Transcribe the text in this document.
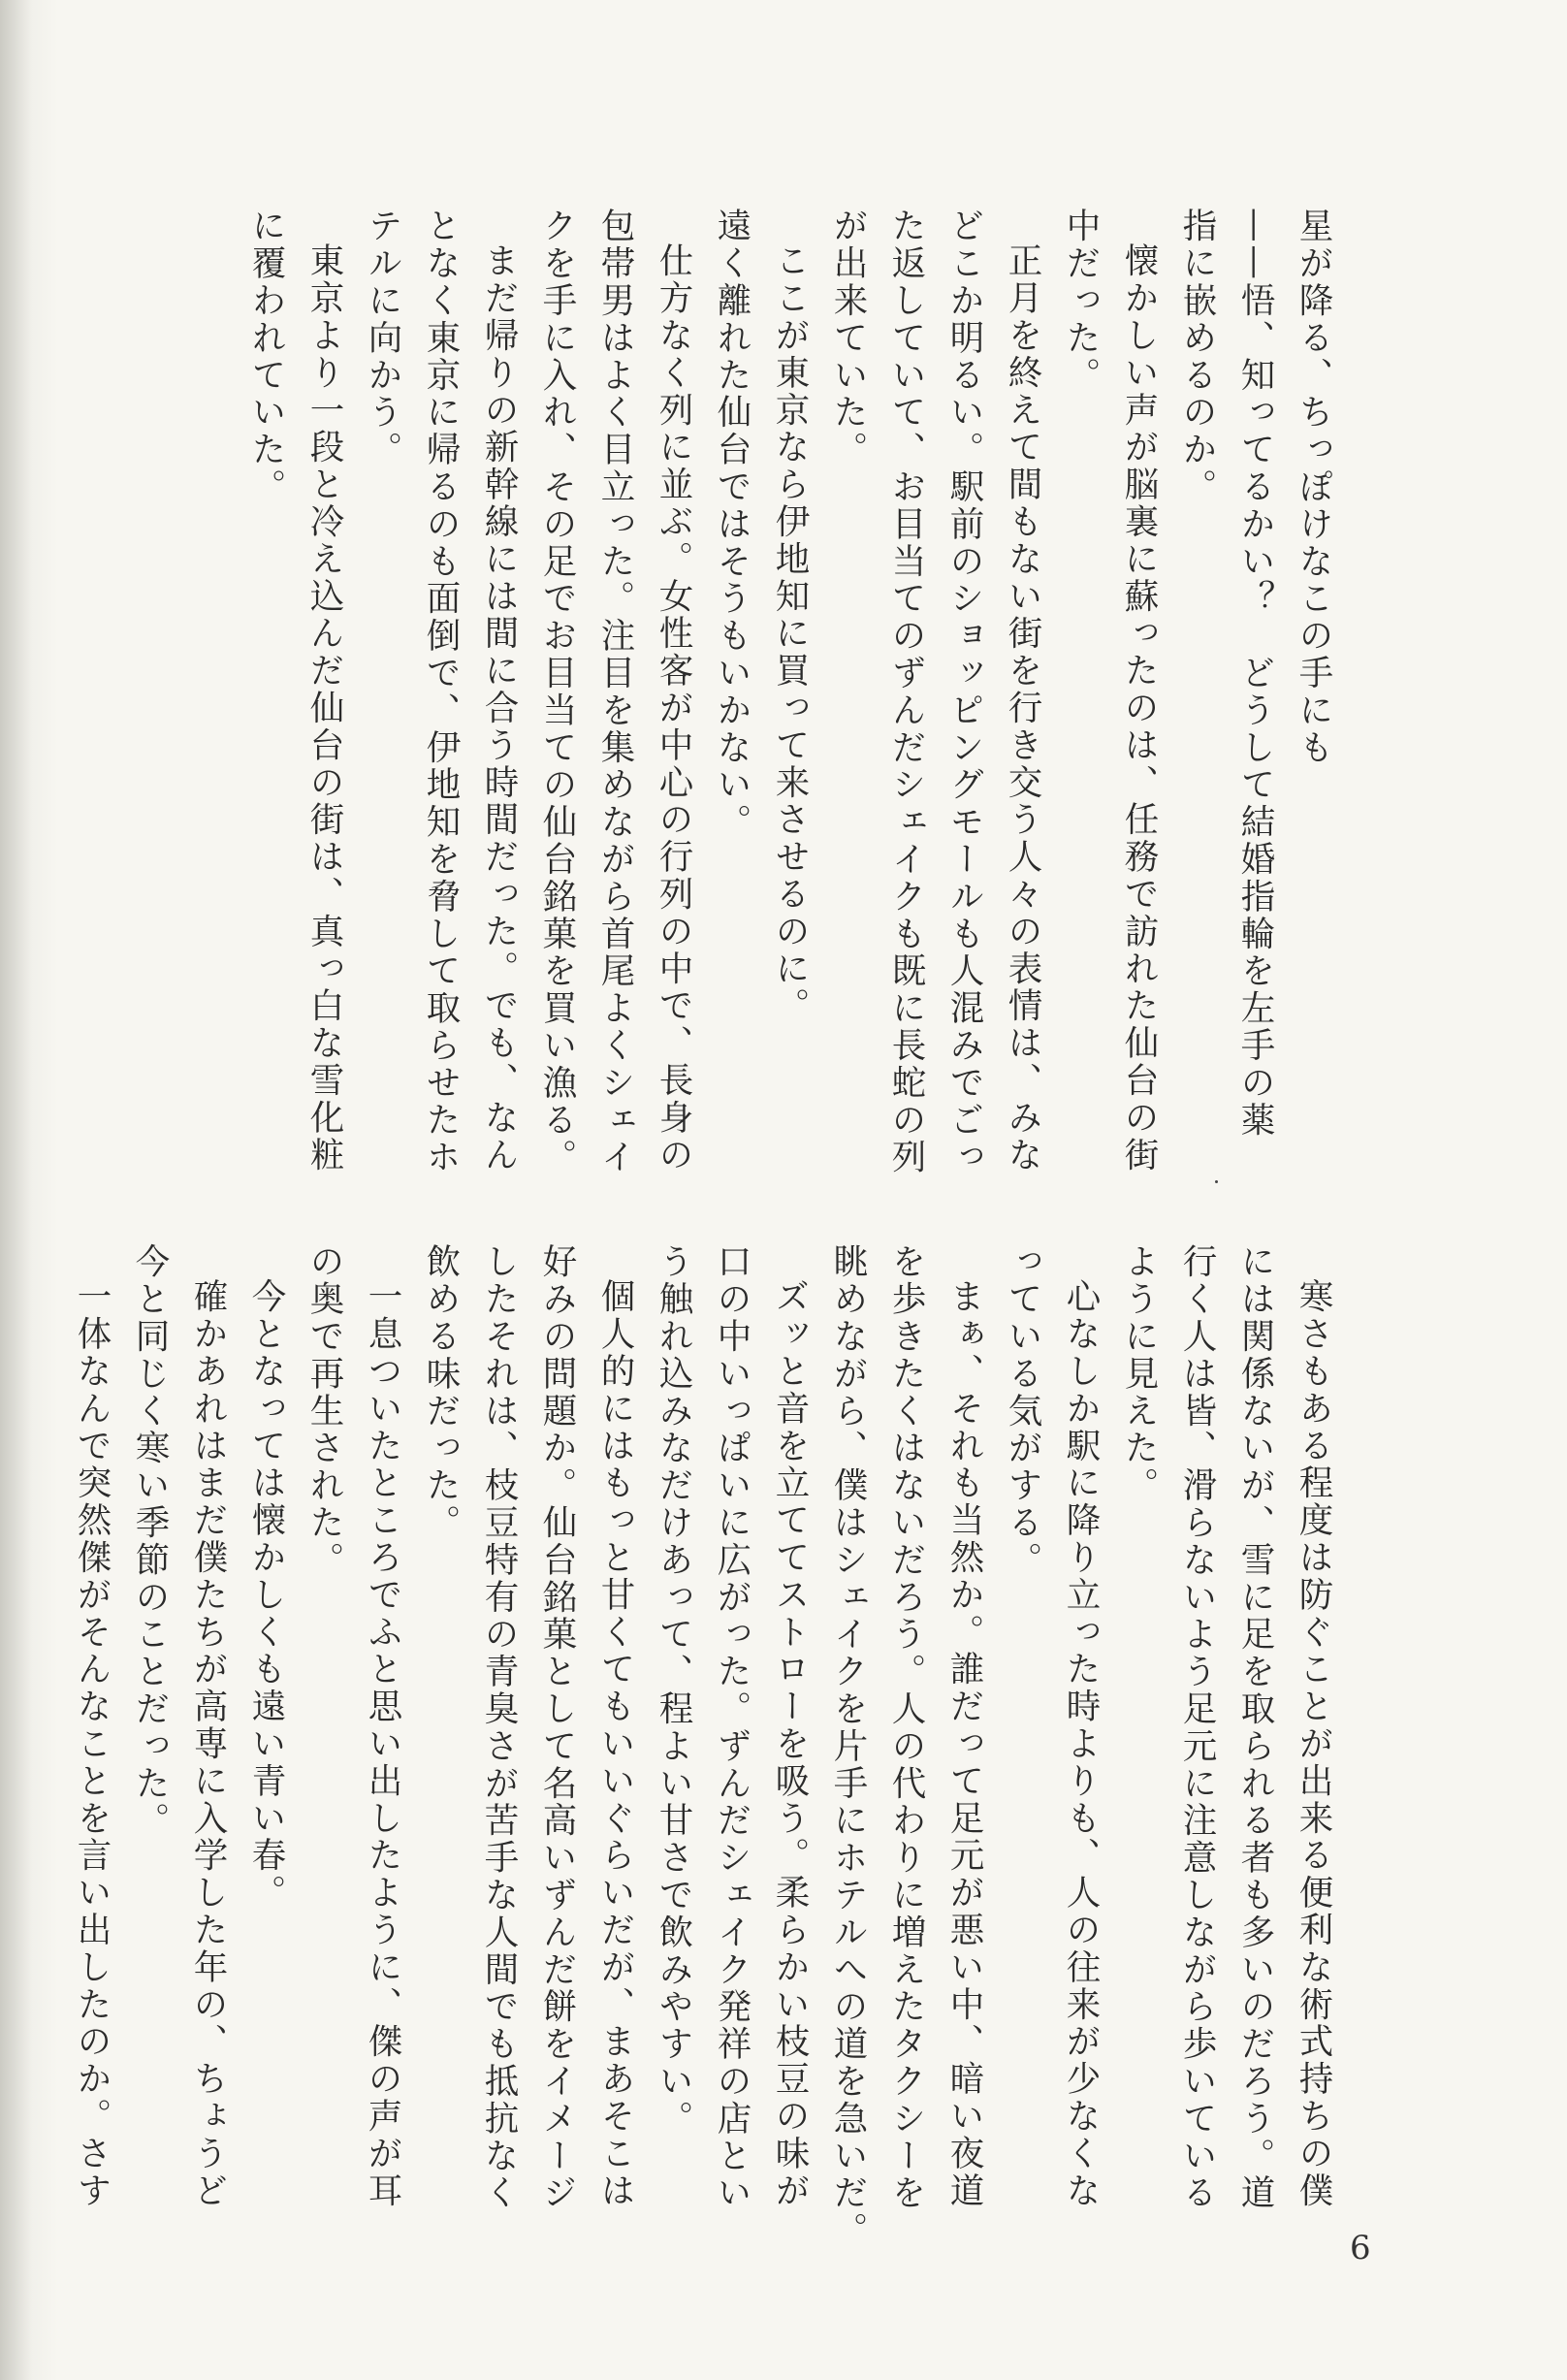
星が降る、ちっぽけなこの手にも

——悟、知ってるかい？　どうして結婚指輪を左手の薬

指に嵌めるのか。

懐かしい声が脳裏に蘇ったのは、任務で訪れた仙台の街

中だった。

正月を終えて間もない街を行き交う人々の表情は、みな

どこか明るい。駅前のショッピングモールも人混みでごっ

た返していて、お目当てのずんだシェイクも既に長蛇の列

が出来ていた。

ここが東京なら伊地知に買って来させるのに。

遠く離れた仙台ではそうもいかない。

仕方なく列に並ぶ。女性客が中心の行列の中で、長身の

包帯男はよく目立った。注目を集めながら首尾よくシェイ

クを手に入れ、その足でお目当ての仙台銘菓を買い漁る。

まだ帰りの新幹線には間に合う時間だった。でも、なん

となく東京に帰るのも面倒で、伊地知を脅して取らせたホ

テルに向かう。

東京より一段と冷え込んだ仙台の街は、真っ白な雪化粧

に覆われていた。

寒さもある程度は防ぐことが出来る便利な術式持ちの僕

には関係ないが、雪に足を取られる者も多いのだろう。道

行く人は皆、滑らないよう足元に注意しながら歩いている

ように見えた。

心なしか駅に降り立った時よりも、人の往来が少なくな

っている気がする。

まぁ、それも当然か。誰だって足元が悪い中、暗い夜道

を歩きたくはないだろう。人の代わりに増えたタクシーを

眺めながら、僕はシェイクを片手にホテルへの道を急いだ。

ズッと音を立ててストローを吸う。柔らかい枝豆の味が

口の中いっぱいに広がった。ずんだシェイク発祥の店とい

う触れ込みなだけあって、程よい甘さで飲みやすい。

個人的にはもっと甘くてもいいぐらいだが、まあそこは

好みの問題か。仙台銘菓として名高いずんだ餅をイメージ

したそれは、枝豆特有の青臭さが苦手な人間でも抵抗なく

飲める味だった。

一息ついたところでふと思い出したように、傑の声が耳

の奥で再生された。

今となっては懐かしくも遠い青い春。

確かあれはまだ僕たちが高専に入学した年の、ちょうど

今と同じく寒い季節のことだった。

一体なんで突然傑がそんなことを言い出したのか。さす

6
